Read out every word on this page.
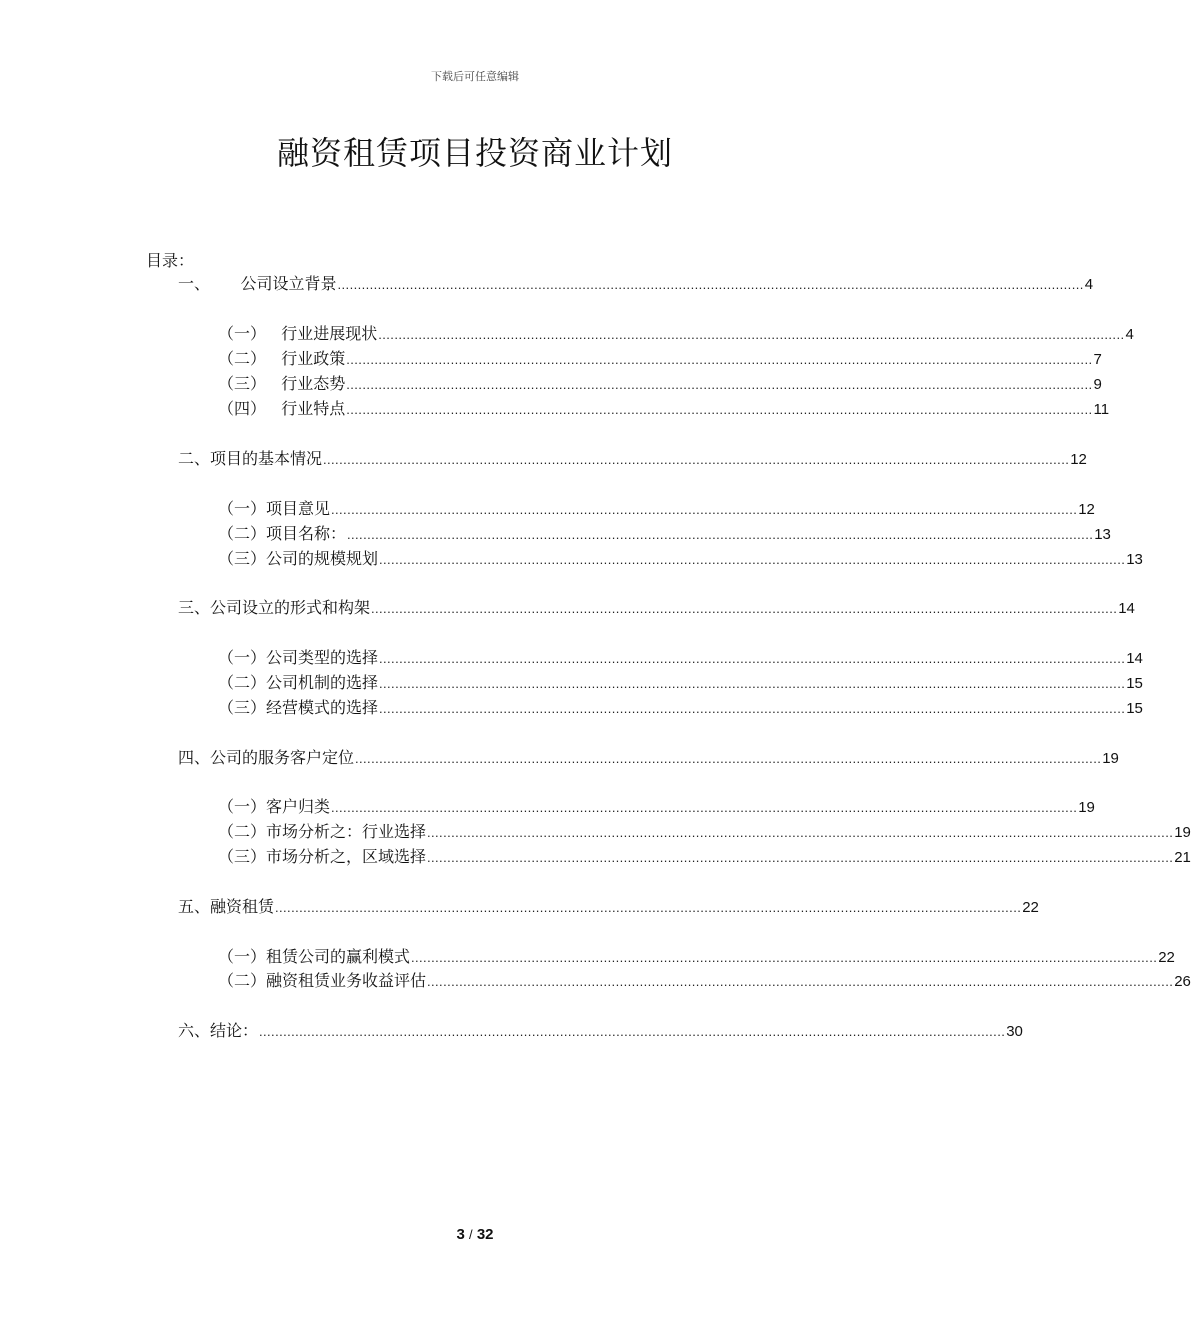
下载后可任意编辑
融资租赁项目投资商业计划
目录：
一、      公司设立背景 .......................................................................................................................................................................................... 4
（一）   行业进展现状 .......................................................................................................................................................................................... 4
（二）   行业政策 .......................................................................................................................................................................................... 7
（三）   行业态势 .......................................................................................................................................................................................... 9
（四）   行业特点 .......................................................................................................................................................................................... 11
二、项目的基本情况 .......................................................................................................................................................................................... 12
（一）项目意见 .......................................................................................................................................................................................... 12
（二）项目名称： .......................................................................................................................................................................................... 13
（三）公司的规模规划 .......................................................................................................................................................................................... 13
三、公司设立的形式和构架 .......................................................................................................................................................................................... 14
（一）公司类型的选择 .......................................................................................................................................................................................... 14
（二）公司机制的选择 .......................................................................................................................................................................................... 15
（三）经营模式的选择 .......................................................................................................................................................................................... 15
四、公司的服务客户定位 .......................................................................................................................................................................................... 19
（一）客户归类 .......................................................................................................................................................................................... 19
（二）市场分析之：行业选择 .......................................................................................................................................................................................... 19
（三）市场分析之，区域选择 .......................................................................................................................................................................................... 21
五、融资租赁 .......................................................................................................................................................................................... 22
（一）租赁公司的赢利模式 .......................................................................................................................................................................................... 22
（二）融资租赁业务收益评估 .......................................................................................................................................................................................... 26
六、结论： .......................................................................................................................................................................................... 30
3 / 32
